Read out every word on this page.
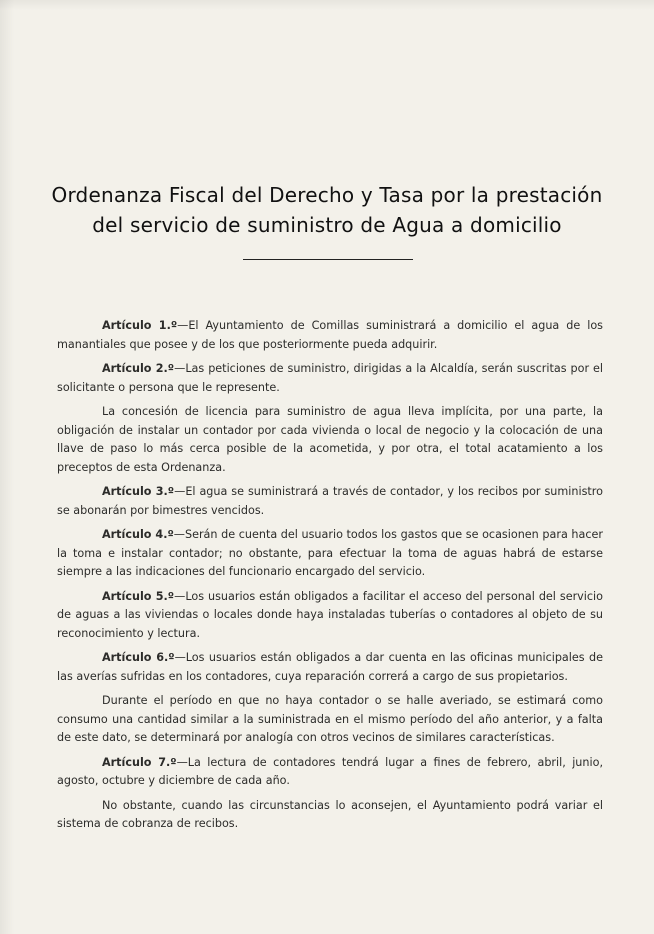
Ordenanza Fiscal del Derecho y Tasa por la prestación
del servicio de suministro de Agua a domicilio

Artículo 1.º—El Ayuntamiento de Comillas suministrará a domicilio el agua de los manantiales que posee y de los que posteriormente pueda adquirir.

Artículo 2.º—Las peticiones de suministro, dirigidas a la Alcaldía, serán suscritas por el solicitante o persona que le represente.

La concesión de licencia para suministro de agua lleva implícita, por una parte, la obligación de instalar un contador por cada vivienda o local de negocio y la colocación de una llave de paso lo más cerca posible de la acometida, y por otra, el total acatamiento a los preceptos de esta Ordenanza.

Artículo 3.º—El agua se suministrará a través de contador, y los recibos por suministro se abonarán por bimestres vencidos.

Artículo 4.º—Serán de cuenta del usuario todos los gastos que se ocasionen para hacer la toma e instalar contador; no obstante, para efectuar la toma de aguas habrá de estarse siempre a las indicaciones del funcionario encargado del servicio.

Artículo 5.º—Los usuarios están obligados a facilitar el acceso del personal del servicio de aguas a las viviendas o locales donde haya instaladas tuberías o contadores al objeto de su reconocimiento y lectura.

Artículo 6.º—Los usuarios están obligados a dar cuenta en las oficinas municipales de las averías sufridas en los contadores, cuya reparación correrá a cargo de sus propietarios.

Durante el período en que no haya contador o se halle averiado, se estimará como consumo una cantidad similar a la suministrada en el mismo período del año anterior, y a falta de este dato, se determinará por analogía con otros vecinos de similares características.

Artículo 7.º—La lectura de contadores tendrá lugar a fines de febrero, abril, junio, agosto, octubre y diciembre de cada año.

No obstante, cuando las circunstancias lo aconsejen, el Ayuntamiento podrá variar el sistema de cobranza de recibos.
